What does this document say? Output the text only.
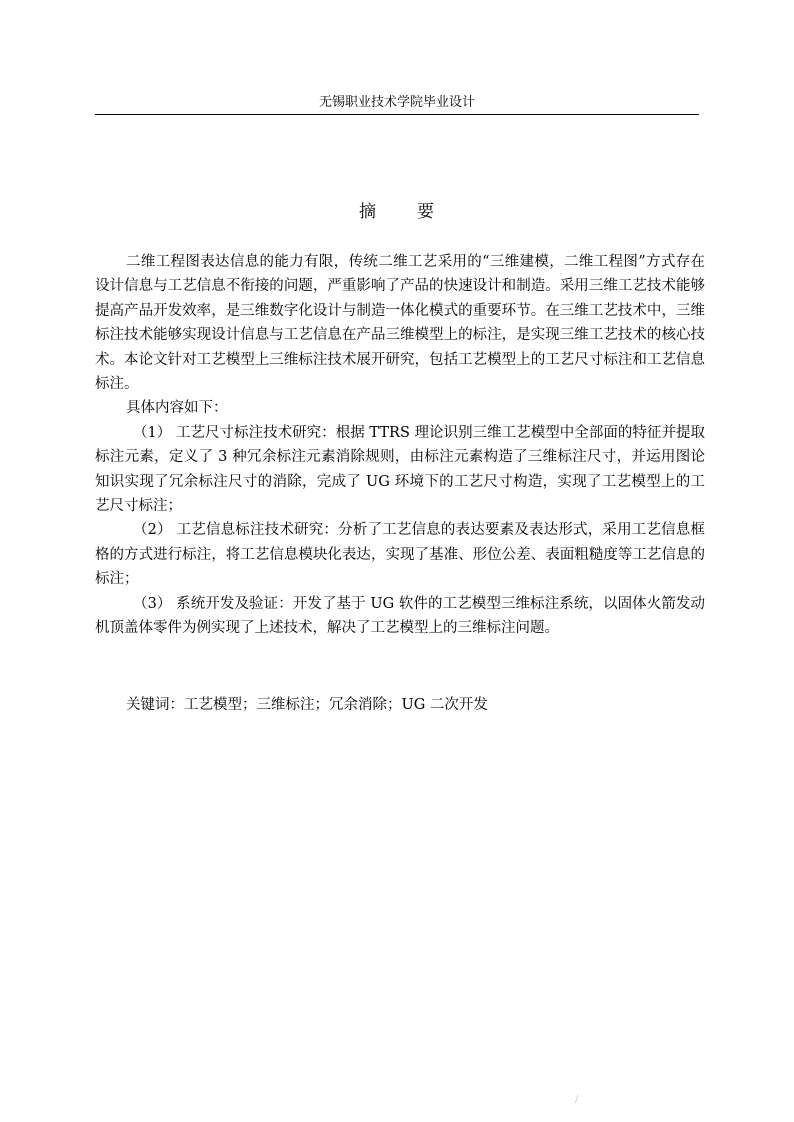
无锡职业技术学院毕业设计
摘 要

二维工程图表达信息的能力有限，传统二维工艺采用的“三维建模，二维工程图”方式存在设计信息与工艺信息不衔接的问题，严重影响了产品的快速设计和制造。采用三维工艺技术能够提高产品开发效率，是三维数字化设计与制造一体化模式的重要环节。在三维工艺技术中，三维标注技术能够实现设计信息与工艺信息在产品三维模型上的标注，是实现三维工艺技术的核心技术。本论文针对工艺模型上三维标注技术展开研究，包括工艺模型上的工艺尺寸标注和工艺信息标注。

具体内容如下：

（1） 工艺尺寸标注技术研究：根据 TTRS 理论识别三维工艺模型中全部面的特征并提取标注元素，定义了 3 种冗余标注元素消除规则，由标注元素构造了三维标注尺寸，并运用图论知识实现了冗余标注尺寸的消除，完成了 UG 环境下的工艺尺寸构造，实现了工艺模型上的工艺尺寸标注；

（2） 工艺信息标注技术研究：分析了工艺信息的表达要素及表达形式，采用工艺信息框格的方式进行标注，将工艺信息模块化表达，实现了基准、形位公差、表面粗糙度等工艺信息的标注；

（3） 系统开发及验证：开发了基于 UG 软件的工艺模型三维标注系统，以固体火箭发动机顶盖体零件为例实现了上述技术，解决了工艺模型上的三维标注问题。

关键词：工艺模型；三维标注；冗余消除；UG 二次开发
/
